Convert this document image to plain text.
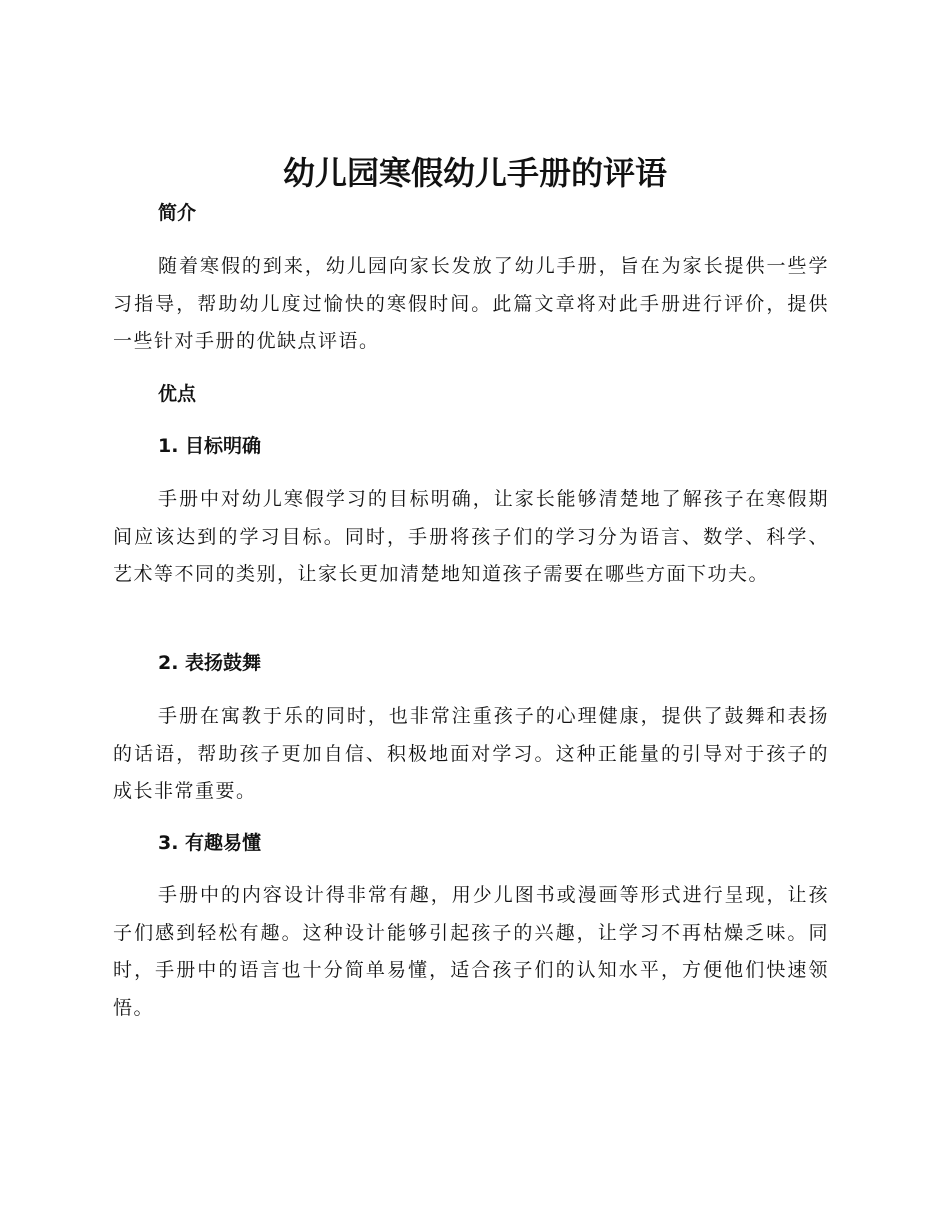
幼儿园寒假幼儿手册的评语
简介

随着寒假的到来，幼儿园向家长发放了幼儿手册，旨在为家长提供一些学习指导，帮助幼儿度过愉快的寒假时间。此篇文章将对此手册进行评价，提供一些针对手册的优缺点评语。

优点
1. 目标明确

手册中对幼儿寒假学习的目标明确，让家长能够清楚地了解孩子在寒假期间应该达到的学习目标。同时，手册将孩子们的学习分为语言、数学、科学、艺术等不同的类别，让家长更加清楚地知道孩子需要在哪些方面下功夫。

2. 表扬鼓舞

手册在寓教于乐的同时，也非常注重孩子的心理健康，提供了鼓舞和表扬的话语，帮助孩子更加自信、积极地面对学习。这种正能量的引导对于孩子的成长非常重要。

3. 有趣易懂

手册中的内容设计得非常有趣，用少儿图书或漫画等形式进行呈现，让孩子们感到轻松有趣。这种设计能够引起孩子的兴趣，让学习不再枯燥乏味。同时，手册中的语言也十分简单易懂，适合孩子们的认知水平，方便他们快速领悟。
